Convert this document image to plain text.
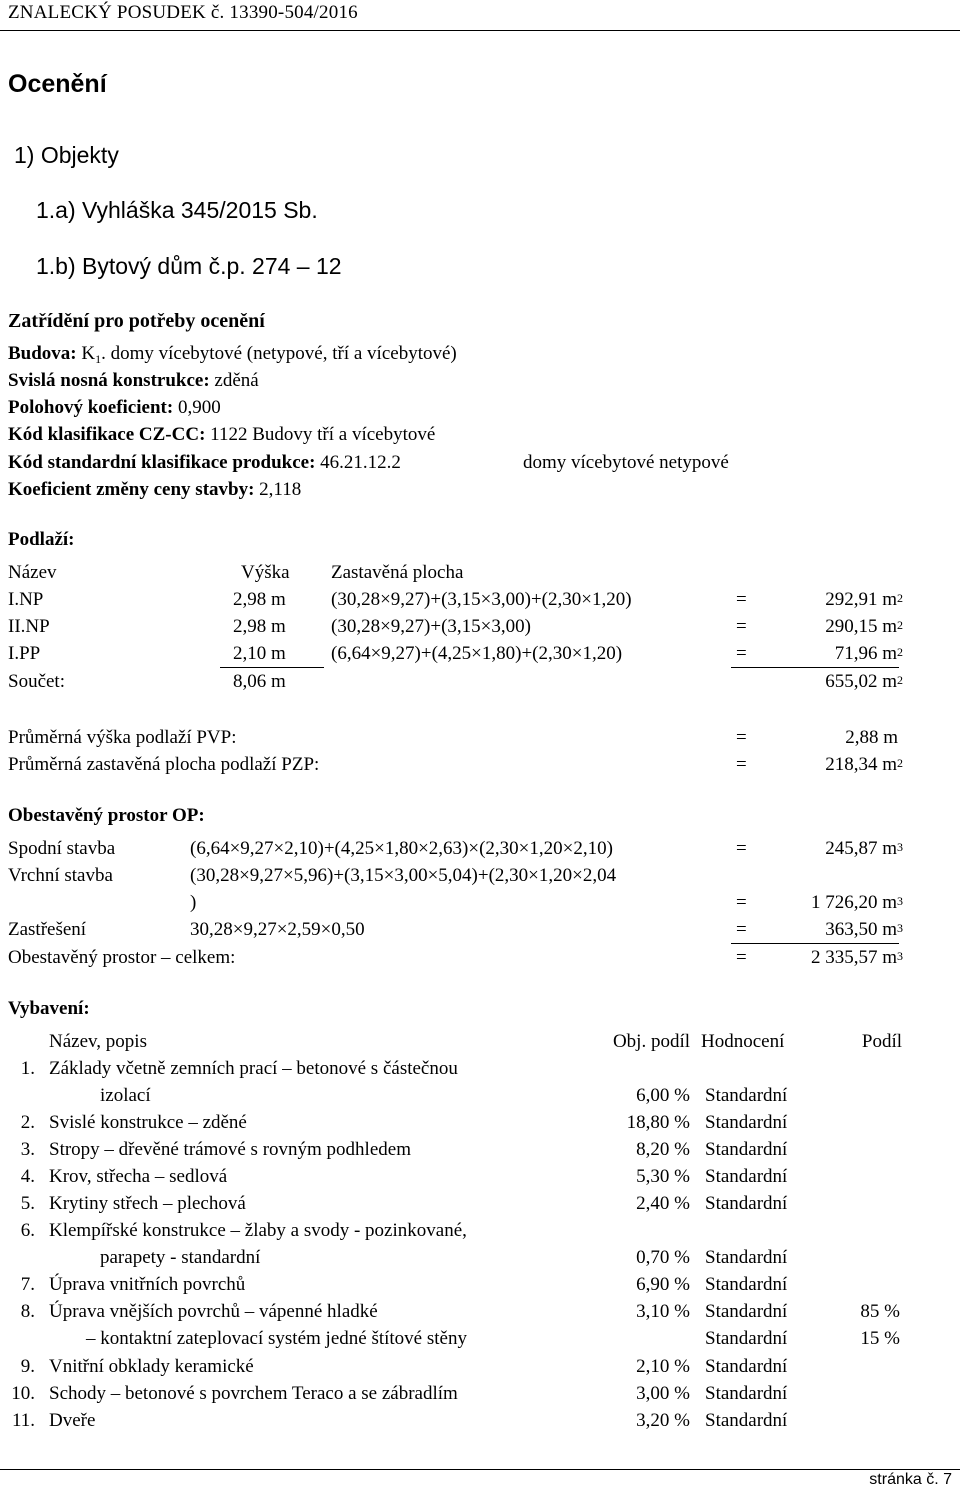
ZNALECKÝ POSUDEK č. 13390-504/2016
Ocenění
1) Objekty
1.a) Vyhláška 345/2015 Sb.
1.b) Bytový dům č.p. 274 – 12
Zatřídění pro potřeby ocenění
Budova: $K_1$. domy vícebytové (netypové, tří a vícebytové)
Svislá nosná konstrukce: zděná
Polohový koeficient: 0,900
Kód klasifikace CZ-CC: 1122 Budovy tří a vícebytové
Kód standardní klasifikace produkce: 46.21.12.2	domy vícebytové netypové
Koeficient změny ceny stavby: 2,118
Podlaží:
Název	Výška Zastavěná plocha
I.NP	2,98 m (30,28×9,27)+(3,15×3,00)+(2,30×1,20)	=	292,91 $m^2$
II.NP	2,98 m (30,28×9,27)+(3,15×3,00)	=	290,15 $m^2$
I.PP	2,10 m (6,64×9,27)+(4,25×1,80)+(2,30×1,20)	=	71,96 $m^2$
Součet:	8,06 m	655,02 $m^2$
Průměrná výška podlaží PVP:	=	2,88 m
Průměrná zastavěná plocha podlaží PZP:	=	218,34 $m^2$
Obestavěný prostor OP:
Spodní stavba	(6,64×9,27×2,10)+(4,25×1,80×2,63)×(2,30×1,20×2,10)	=	245,87 $m^3$
Vrchní stavba	(30,28×9,27×5,96)+(3,15×3,00×5,04)+(2,30×1,20×2,04
)	=	1 726,20 $m^3$
Zastřešení	30,28×9,27×2,59×0,50	=	363,50 $m^3$
Obestavěný prostor – celkem:	=	2 335,57 $m^3$
Vybavení:
Název, popis	Obj. podíl Hodnocení	Podíl
1. Základy včetně zemních prací – betonové s částečnou
izolací	6,00 % Standardní
2. Svislé konstrukce – zděné	18,80 % Standardní
3. Stropy – dřevěné trámové s rovným podhledem	8,20 % Standardní
4. Krov, střecha – sedlová	5,30 % Standardní
5. Krytiny střech – plechová	2,40 % Standardní
6. Klempířské konstrukce – žlaby a svody - pozinkované,
parapety - standardní	0,70 % Standardní
7. Úprava vnitřních povrchů	6,90 % Standardní
8. Úprava vnějších povrchů – vápenné hladké	3,10 % Standardní	85 %
– kontaktní zateplovací systém jedné štítové stěny	Standardní	15 %
9. Vnitřní obklady keramické	2,10 % Standardní
10. Schody – betonové s povrchem Teraco a se zábradlím	3,00 % Standardní
11. Dveře	3,20 % Standardní
stránka č. 7
